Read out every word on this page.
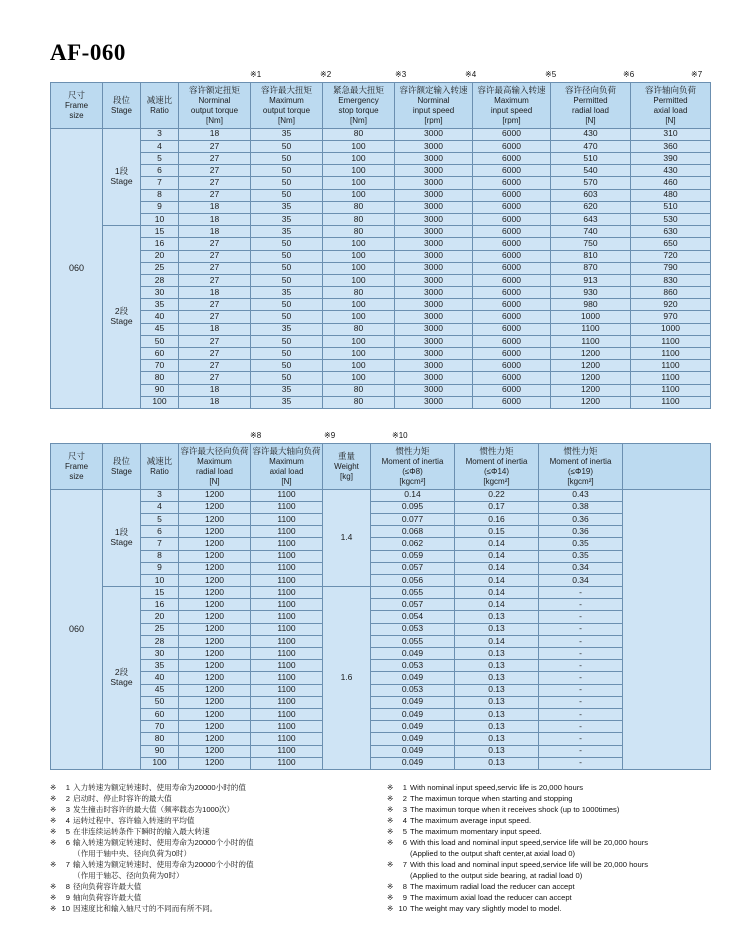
AF-060
※1	※2	※3	※4	※5	※6	※7
尺寸
Frame
size

段位
Stage

减速比
Ratio

容许额定扭矩
Norminal
output torque
[Nm]

容许最大扭矩
Maximum
output torque
[Nm]

紧急最大扭矩
Emergency
stop torque
[Nm]

容许额定输入转速
Norminal
input speed
[rpm]

容许最高输入转速
Maximum
input speed
[rpm]

容许径向负荷
Permitted
radial load
[N]

容许轴向负荷
Permitted
axial load
[N]

060	1段
Stage	3	18	35	80	3000	6000	430	310
		4	27	50	100	3000	6000	470	360
		5	27	50	100	3000	6000	510	390
		6	27	50	100	3000	6000	540	430
		7	27	50	100	3000	6000	570	460
		8	27	50	100	3000	6000	603	480
		9	18	35	80	3000	6000	620	510
		10	18	35	80	3000	6000	643	530

	2段
Stage	15	18	35	80	3000	6000	740	630
		16	27	50	100	3000	6000	750	650
		20	27	50	100	3000	6000	810	720
		25	27	50	100	3000	6000	870	790
		28	27	50	100	3000	6000	913	830
		30	18	35	80	3000	6000	930	860
		35	27	50	100	3000	6000	980	920
		40	27	50	100	3000	6000	1000	970
		45	18	35	80	3000	6000	1100	1000
		50	27	50	100	3000	6000	1100	1100
		60	27	50	100	3000	6000	1200	1100
		70	27	50	100	3000	6000	1200	1100
		80	27	50	100	3000	6000	1200	1100
		90	18	35	80	3000	6000	1200	1100
		100	18	35	80	3000	6000	1200	1100
※8	※9	※10
尺寸
Frame
size

段位
Stage

减速比
Ratio

容许最大径向负荷
Maximum
radial load
[N]

容许最大轴向负荷
Maximum
axial load
[N]

重量
Weight
[kg]

惯性力矩
Moment of inertia
(≤Φ8)
[kgcm²]

惯性力矩
Moment of inertia
(≤Φ14)
[kgcm²]

惯性力矩
Moment of inertia
(≤Φ19)
[kgcm²]

060	1段
Stage	3	1200	1100	1.4	0.14	0.22	0.43	
		4	1200	1100		0.095	0.17	0.38	
		5	1200	1100		0.077	0.16	0.36	
		6	1200	1100		0.068	0.15	0.36	
		7	1200	1100		0.062	0.14	0.35	
		8	1200	1100		0.059	0.14	0.35	
		9	1200	1100		0.057	0.14	0.34	
		10	1200	1100		0.056	0.14	0.34	

	2段
Stage	15	1200	1100	1.6	0.055	0.14	-	
		16	1200	1100		0.057	0.14	-	
		20	1200	1100		0.054	0.13	-	
		25	1200	1100		0.053	0.13	-	
		28	1200	1100		0.055	0.14	-	
		30	1200	1100		0.049	0.13	-	
		35	1200	1100		0.053	0.13	-	
		40	1200	1100		0.049	0.13	-	
		45	1200	1100		0.053	0.13	-	
		50	1200	1100		0.049	0.13	-	
		60	1200	1100		0.049	0.13	-	
		70	1200	1100		0.049	0.13	-	
		80	1200	1100		0.049	0.13	-	
		90	1200	1100		0.049	0.13	-	
		100	1200	1100		0.049	0.13	-	
※ 1 入力转速为额定转速时、使用寿命为20000小时的值
※ 2 启动时、停止时容许的最大值
※ 3 发生撞击时容许的最大值（频率载态为1000次）
※ 4 运转过程中、容许输入转速的平均值
※ 5 在非连续运转条件下瞬时的输入最大转速
※ 6 输入转速为额定转速时、使用寿命为20000个小时的值
（作用于轴中央、径向负荷为0时）
※ 7 输入转速为额定转速时、使用寿命为20000个小时的值
（作用于轴芯、径向负荷为0时）
※ 8 径向负荷容许最大值
※ 9 轴向负荷容许最大值
※ 10 因速度比和输入轴尺寸的不同而有所不同。
※ 1 With nominal input speed,servic life is 20,000 hours
※ 2 The maximun torque when starting and stopping
※ 3 The maximun torque when it receives shock (up to 1000times)
※ 4 The maximum average input speed.
※ 5 The maximum momentary input speed.
※ 6 With this load and nominal input speed,service life will be 20,000 hours
(Applied to the output shaft center,at axial load 0)
※ 7 With this load and nominal input speed,service life will be 20,000 hours
(Applied to the output side bearing, at radial load 0)
※ 8 The maximum radial load the reducer can accept
※ 9 The maximum axial load the reducer can accept
※ 10 The weight may vary slightly model to model.
